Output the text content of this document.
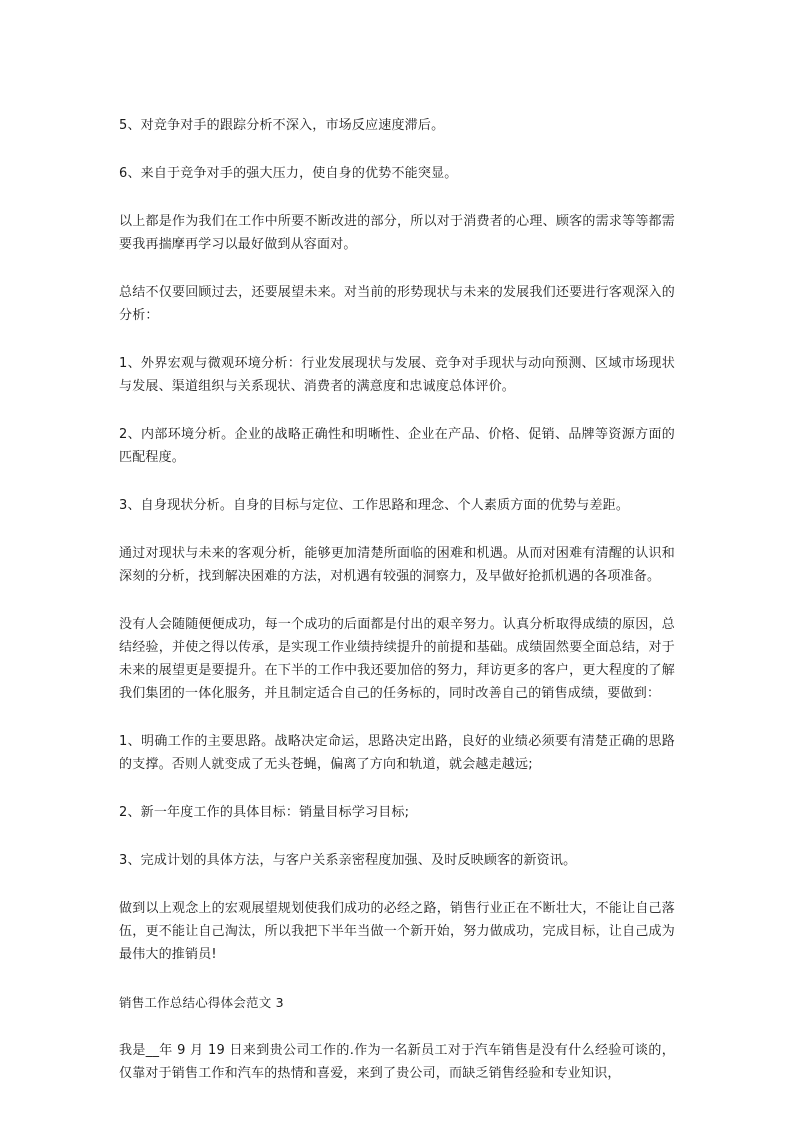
5、对竞争对手的跟踪分析不深入，市场反应速度滞后。

6、来自于竞争对手的强大压力，使自身的优势不能突显。

以上都是作为我们在工作中所要不断改进的部分，所以对于消费者的心理、顾客的需求等等都需要我再揣摩再学习以最好做到从容面对。

总结不仅要回顾过去，还要展望未来。对当前的形势现状与未来的发展我们还要进行客观深入的分析：

1、外界宏观与微观环境分析：行业发展现状与发展、竞争对手现状与动向预测、区域市场现状与发展、渠道组织与关系现状、消费者的满意度和忠诚度总体评价。

2、内部环境分析。企业的战略正确性和明晰性、企业在产品、价格、促销、品牌等资源方面的匹配程度。

3、自身现状分析。自身的目标与定位、工作思路和理念、个人素质方面的优势与差距。

通过对现状与未来的客观分析，能够更加清楚所面临的困难和机遇。从而对困难有清醒的认识和深刻的分析，找到解决困难的方法，对机遇有较强的洞察力，及早做好抢抓机遇的各项准备。

没有人会随随便便成功，每一个成功的后面都是付出的艰辛努力。认真分析取得成绩的原因，总结经验，并使之得以传承，是实现工作业绩持续提升的前提和基础。成绩固然要全面总结，对于未来的展望更是要提升。在下半的工作中我还要加倍的努力，拜访更多的客户，更大程度的了解我们集团的一体化服务，并且制定适合自己的任务标的，同时改善自己的销售成绩，要做到：

1、明确工作的主要思路。战略决定命运，思路决定出路，良好的业绩必须要有清楚正确的思路的支撑。否则人就变成了无头苍蝇，偏离了方向和轨道，就会越走越远;

2、新一年度工作的具体目标：销量目标学习目标;

3、完成计划的具体方法，与客户关系亲密程度加强、及时反映顾客的新资讯。

做到以上观念上的宏观展望规划使我们成功的必经之路，销售行业正在不断壮大，不能让自己落伍，更不能让自己淘汰，所以我把下半年当做一个新开始，努力做成功，完成目标，让自己成为最伟大的推销员!

销售工作总结心得体会范文 3

我是__年 9 月 19 日来到贵公司工作的.作为一名新员工对于汽车销售是没有什么经验可谈的，仅靠对于销售工作和汽车的热情和喜爱，来到了贵公司，而缺乏销售经验和专业知识，
